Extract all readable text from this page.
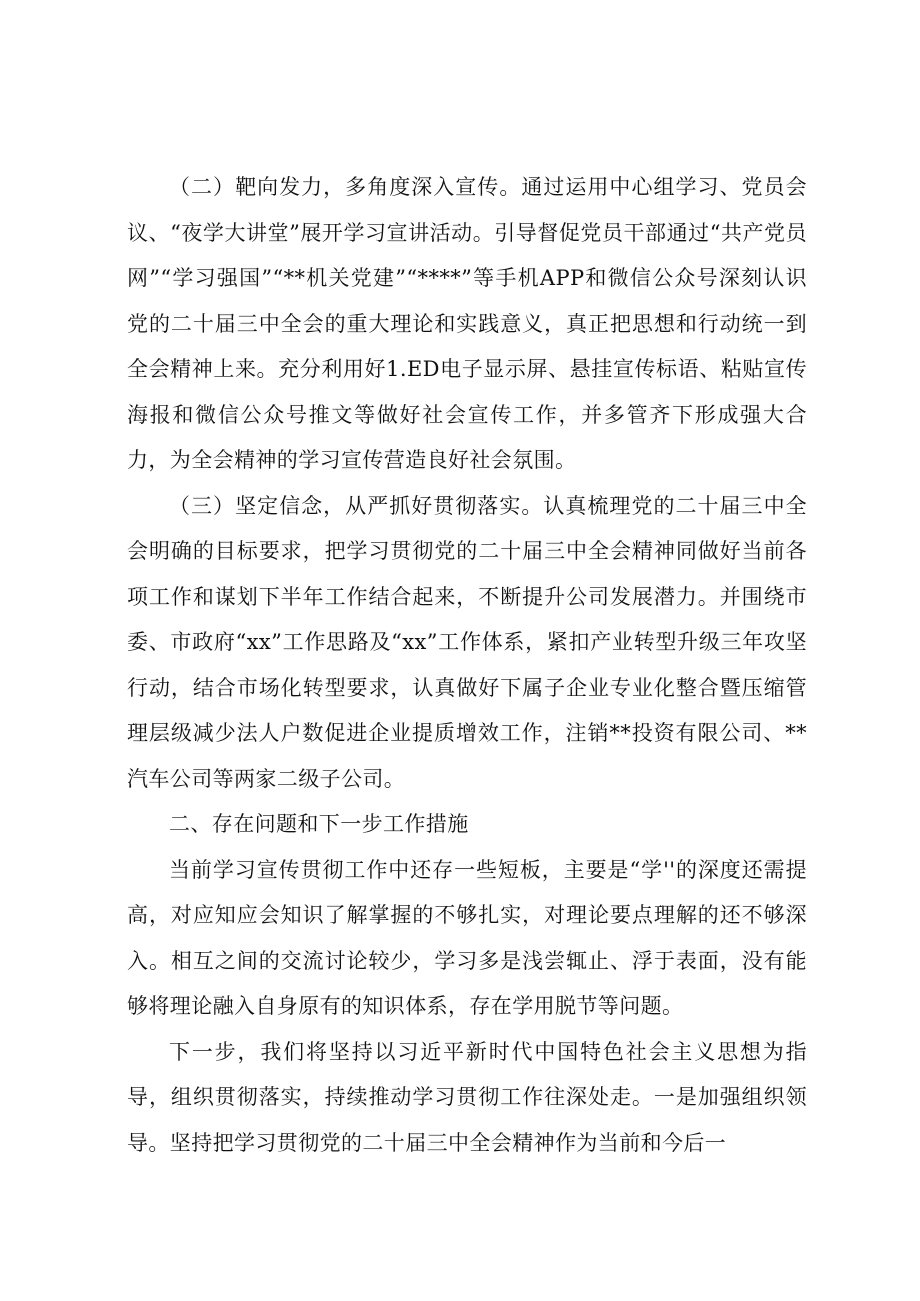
（二）靶向发力，多角度深入宣传。通过运用中心组学习、党员会议、“夜学大讲堂”展开学习宣讲活动。引导督促党员干部通过“共产党员网”“学习强国”“**机关党建”“****”等手机APP和微信公众号深刻认识党的二十届三中全会的重大理论和实践意义，真正把思想和行动统一到全会精神上来。充分利用好1.ED电子显示屏、悬挂宣传标语、粘贴宣传海报和微信公众号推文等做好社会宣传工作，并多管齐下形成强大合力，为全会精神的学习宣传营造良好社会氛围。

（三）坚定信念，从严抓好贯彻落实。认真梳理党的二十届三中全会明确的目标要求，把学习贯彻党的二十届三中全会精神同做好当前各项工作和谋划下半年工作结合起来，不断提升公司发展潜力。并围绕市委、市政府“xx”工作思路及“xx”工作体系，紧扣产业转型升级三年攻坚行动，结合市场化转型要求，认真做好下属子企业专业化整合暨压缩管理层级减少法人户数促进企业提质增效工作，注销**投资有限公司、**汽车公司等两家二级子公司。

二、存在问题和下一步工作措施

当前学习宣传贯彻工作中还存一些短板，主要是“学''的深度还需提高，对应知应会知识了解掌握的不够扎实，对理论要点理解的还不够深入。相互之间的交流讨论较少，学习多是浅尝辄止、浮于表面，没有能够将理论融入自身原有的知识体系，存在学用脱节等问题。

下一步，我们将坚持以习近平新时代中国特色社会主义思想为指导，组织贯彻落实，持续推动学习贯彻工作往深处走。一是加强组织领导。坚持把学习贯彻党的二十届三中全会精神作为当前和今后一
